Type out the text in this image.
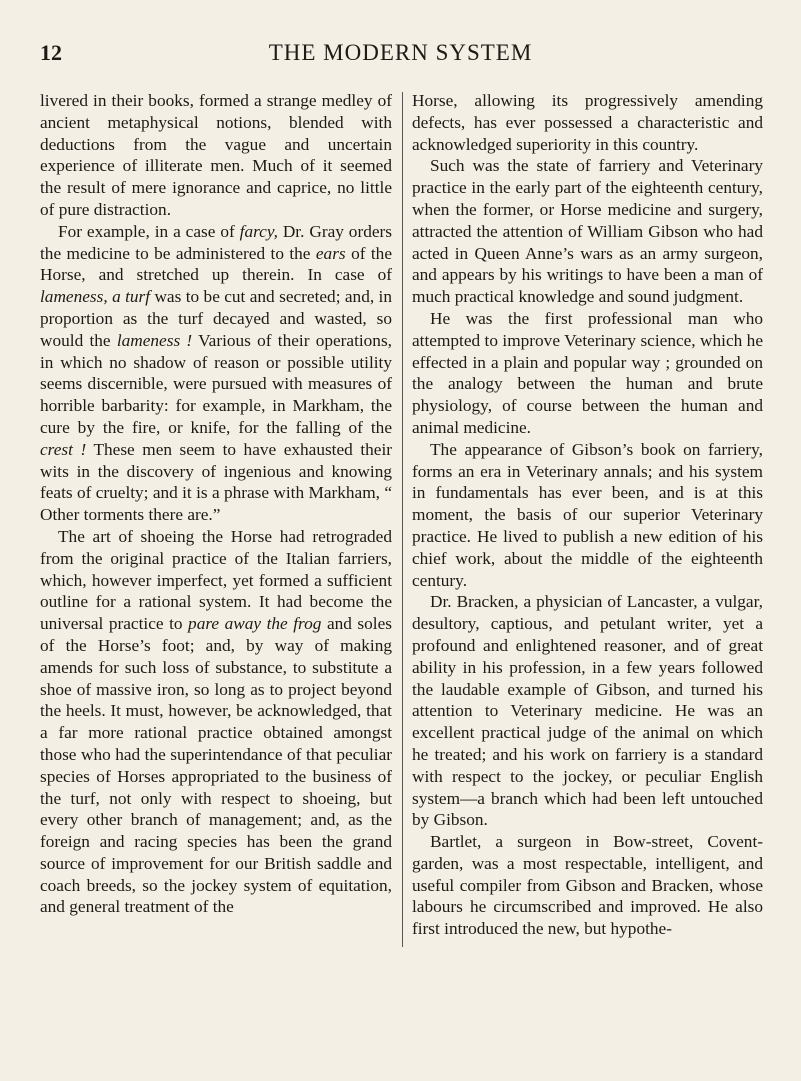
12	THE MODERN SYSTEM

livered in their books, formed a strange medley of ancient metaphysical notions, blended with deductions from the vague and uncertain experience of illiterate men. Much of it seemed the result of mere ignorance and caprice, no little of pure distraction.

For example, in a case of farcy, Dr. Gray orders the medicine to be administered to the ears of the Horse, and stretched up therein. In case of lameness, a turf was to be cut and secreted; and, in proportion as the turf decayed and wasted, so would the lameness ! Various of their operations, in which no shadow of reason or possible utility seems discernible, were pursued with measures of horrible barbarity: for example, in Markham, the cure by the fire, or knife, for the falling of the crest ! These men seem to have exhausted their wits in the discovery of ingenious and knowing feats of cruelty; and it is a phrase with Markham, “ Other torments there are.”

The art of shoeing the Horse had retrograded from the original practice of the Italian farriers, which, however imperfect, yet formed a sufficient outline for a rational system. It had become the universal practice to pare away the frog and soles of the Horse’s foot; and, by way of making amends for such loss of substance, to substitute a shoe of massive iron, so long as to project beyond the heels. It must, however, be acknowledged, that a far more rational practice obtained amongst those who had the superintendance of that peculiar species of Horses appropriated to the business of the turf, not only with respect to shoeing, but every other branch of management; and, as the foreign and racing species has been the grand source of improvement for our British saddle and coach breeds, so the jockey system of equitation, and general treatment of the

Horse, allowing its progressively amending defects, has ever possessed a characteristic and acknowledged superiority in this country.

Such was the state of farriery and Veterinary practice in the early part of the eighteenth century, when the former, or Horse medicine and surgery, attracted the attention of William Gibson who had acted in Queen Anne’s wars as an army surgeon, and appears by his writings to have been a man of much practical knowledge and sound judgment.

He was the first professional man who attempted to improve Veterinary science, which he effected in a plain and popular way ; grounded on the analogy between the human and brute physiology, of course between the human and animal medicine.

The appearance of Gibson’s book on farriery, forms an era in Veterinary annals; and his system in fundamentals has ever been, and is at this moment, the basis of our superior Veterinary practice. He lived to publish a new edition of his chief work, about the middle of the eighteenth century.

Dr. Bracken, a physician of Lancaster, a vulgar, desultory, captious, and petulant writer, yet a profound and enlightened reasoner, and of great ability in his profession, in a few years followed the laudable example of Gibson, and turned his attention to Veterinary medicine. He was an excellent practical judge of the animal on which he treated; and his work on farriery is a standard with respect to the jockey, or peculiar English system—a branch which had been left untouched by Gibson.

Bartlet, a surgeon in Bow-street, Covent-garden, was a most respectable, intelligent, and useful compiler from Gibson and Bracken, whose labours he circumscribed and improved. He also first introduced the new, but hypothe-
